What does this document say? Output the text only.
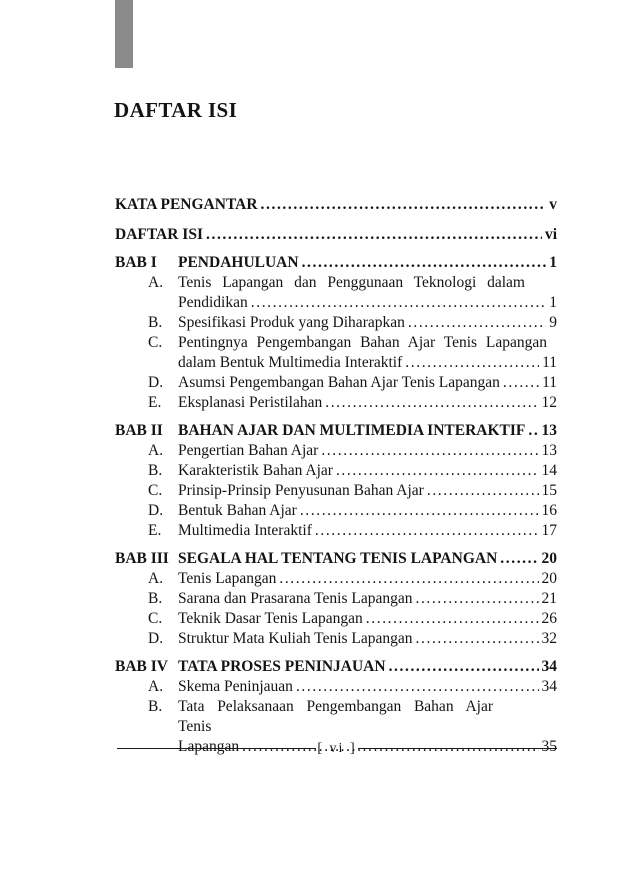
DAFTAR ISI
KATA PENGANTAR .....	v
DAFTAR ISI .....	vi
BAB I	PENDAHULUAN .....	1
A. Tenis Lapangan dan Penggunaan Teknologi dalam
Pendidikan .....	1
B.	Spesifikasi Produk yang Diharapkan .....	9
C.	Pentingnya Pengembangan Bahan Ajar Tenis Lapangan
dalam Bentuk Multimedia Interaktif .....	11
D. Asumsi Pengembangan Bahan Ajar Tenis Lapangan .....	11
E.	Eksplanasi Peristilahan .....	12
BAB II BAHAN AJAR DAN MULTIMEDIA INTERAKTIF ..... 13
A. Pengertian Bahan Ajar .....	13
B.	Karakteristik Bahan Ajar .....	14
C.	Prinsip-Prinsip Penyusunan Bahan Ajar .....	15
D. Bentuk Bahan Ajar .....	16
E.	Multimedia Interaktif .....	17
BAB III SEGALA HAL TENTANG TENIS LAPANGAN .....	20
A. Tenis Lapangan .....	20
B.	Sarana dan Prasarana Tenis Lapangan .....	21
C.	Teknik Dasar Tenis Lapangan .....	26
D. Struktur Mata Kuliah Tenis Lapangan .....	32
BAB IV TATA PROSES PENINJAUAN .....	34
A. Skema Peninjauan .....	34
B.	Tata Pelaksanaan Pengembangan Bahan Ajar Tenis
Lapangan .....	35
[ vi ]
